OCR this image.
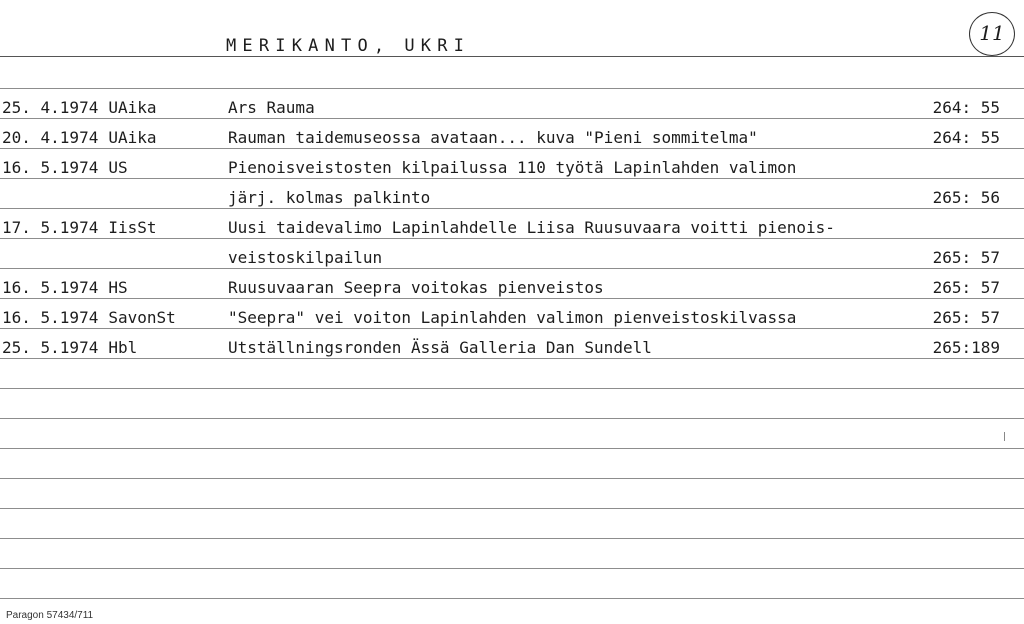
MERIKANTO, UKRI
11
25. 4.1974 UAika	Ars Rauma	264: 55
20. 4.1974 UAika	Rauman taidemuseossa avataan... kuva "Pieni sommitelma"	264: 55
16. 5.1974 US	Pienoisveistosten kilpailussa 110 työtä Lapinlahden valimon
järj. kolmas palkinto	265: 56
17. 5.1974 IisSt	Uusi taidevalimo Lapinlahdelle Liisa Ruusuvaara voitti pienois-
veistoskilpailun	265: 57
16. 5.1974 HS	Ruusuvaaran Seepra voitokas pienveistos	265: 57
16. 5.1974 SavonSt	"Seepra" vei voiton Lapinlahden valimon pienveistoskilvassa	265: 57
25. 5.1974 Hbl	Utställningsronden Ässä Galleria Dan Sundell	265:189
Paragon 57434/711
